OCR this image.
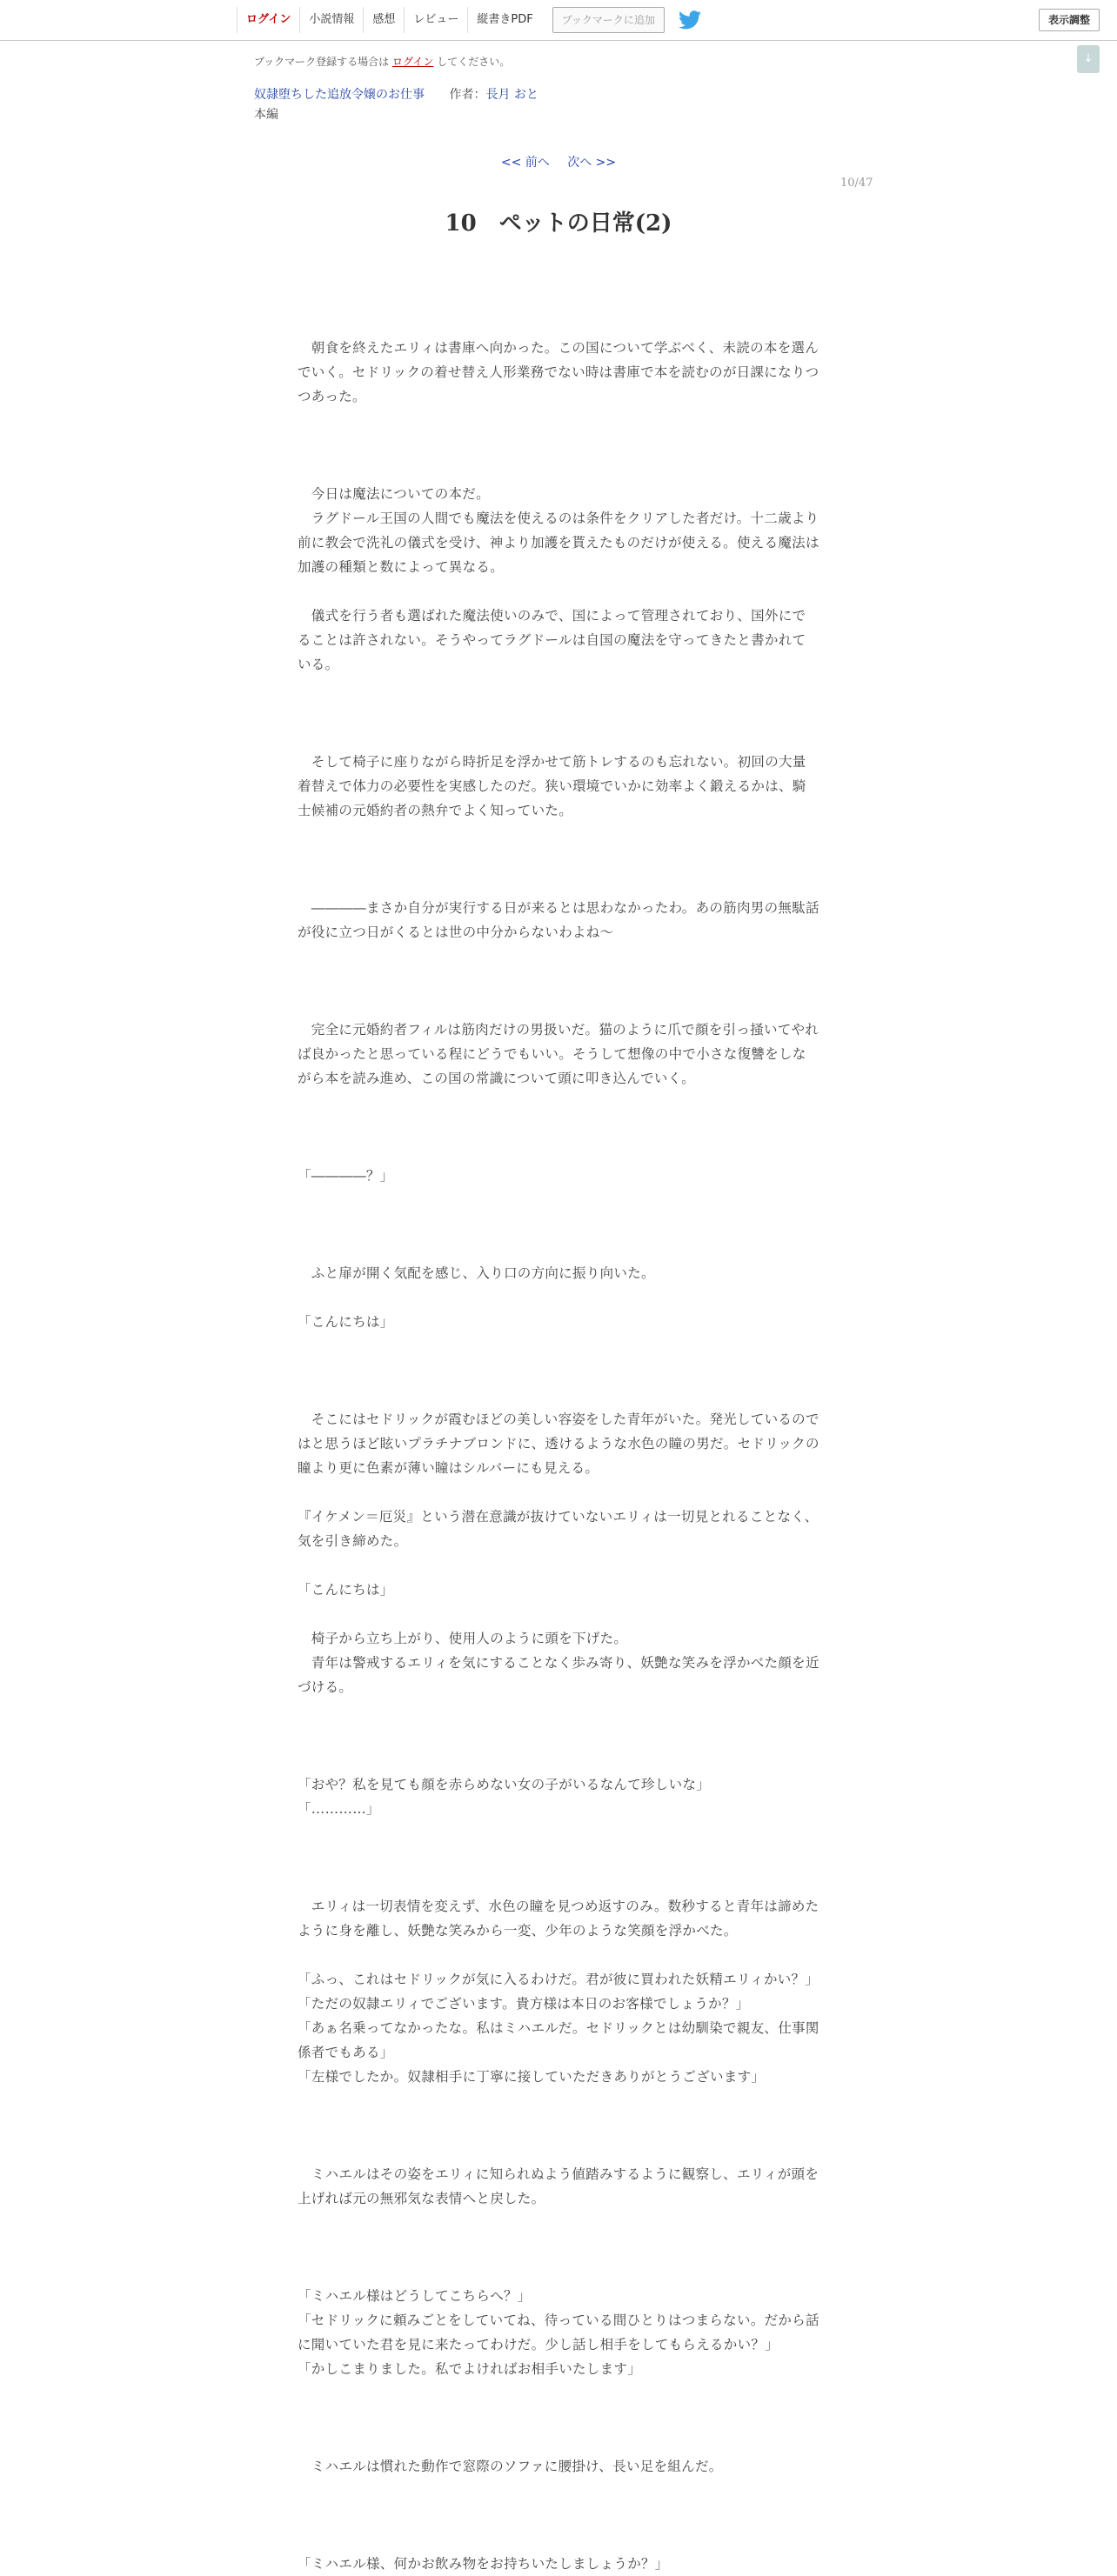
ログイン	小説情報	感想	レビュー	縦書きPDF	ブックマークに追加	表示調整
↓
ブックマーク登録する場合は ログイン してください。
奴隷堕ちした追放令嬢のお仕事 作者：長月 おと
本編
<< 前へ 次へ >>
10/47
10　ペットの日常(2)

　朝食を終えたエリィは書庫へ向かった。この国について学ぶべく、未読の本を選んでいく。セドリックの着せ替え人形業務でない時は書庫で本を読むのが日課になりつつあった。

　今日は魔法についての本だ。
　ラグドール王国の人間でも魔法を使えるのは条件をクリアした者だけ。十二歳より前に教会で洗礼の儀式を受け、神より加護を貰えたものだけが使える。使える魔法は加護の種類と数によって異なる。

　儀式を行う者も選ばれた魔法使いのみで、国によって管理されており、国外にでることは許されない。そうやってラグドールは自国の魔法を守ってきたと書かれている。

　そして椅子に座りながら時折足を浮かせて筋トレするのも忘れない。初回の大量着替えで体力の必要性を実感したのだ。狭い環境でいかに効率よく鍛えるかは、騎士候補の元婚約者の熱弁でよく知っていた。

　――――まさか自分が実行する日が来るとは思わなかったわ。あの筋肉男の無駄話が役に立つ日がくるとは世の中分からないわよね～

　完全に元婚約者フィルは筋肉だけの男扱いだ。猫のように爪で顔を引っ掻いてやれば良かったと思っている程にどうでもいい。そうして想像の中で小さな復讐をしながら本を読み進め、この国の常識について頭に叩き込んでいく。

「――――？」

　ふと扉が開く気配を感じ、入り口の方向に振り向いた。

「こんにちは」

　そこにはセドリックが霞むほどの美しい容姿をした青年がいた。発光しているのではと思うほど眩いプラチナブロンドに、透けるような水色の瞳の男だ。セドリックの瞳より更に色素が薄い瞳はシルバーにも見える。

『イケメン＝厄災』という潜在意識が抜けていないエリィは一切見とれることなく、気を引き締めた。

「こんにちは」

　椅子から立ち上がり、使用人のように頭を下げた。
　青年は警戒するエリィを気にすることなく歩み寄り、妖艶な笑みを浮かべた顔を近づける。

「おや？私を見ても顔を赤らめない女の子がいるなんて珍しいな」
「…………」

　エリィは一切表情を変えず、水色の瞳を見つめ返すのみ。数秒すると青年は諦めたように身を離し、妖艶な笑みから一変、少年のような笑顔を浮かべた。

「ふっ、これはセドリックが気に入るわけだ。君が彼に買われた妖精エリィかい？」
「ただの奴隷エリィでございます。貴方様は本日のお客様でしょうか？」
「あぁ名乗ってなかったな。私はミハエルだ。セドリックとは幼馴染で親友、仕事関係者でもある」
「左様でしたか。奴隷相手に丁寧に接していただきありがとうございます」

　ミハエルはその姿をエリィに知られぬよう値踏みするように観察し、エリィが頭を上げれば元の無邪気な表情へと戻した。

「ミハエル様はどうしてこちらへ？」
「セドリックに頼みごとをしていてね、待っている間ひとりはつまらない。だから話に聞いていた君を見に来たってわけだ。少し話し相手をしてもらえるかい？」
「かしこまりました。私でよければお相手いたします」

　ミハエルは慣れた動作で窓際のソファに腰掛け、長い足を組んだ。

「ミハエル様、何かお飲み物をお持ちいたしましょうか？」
